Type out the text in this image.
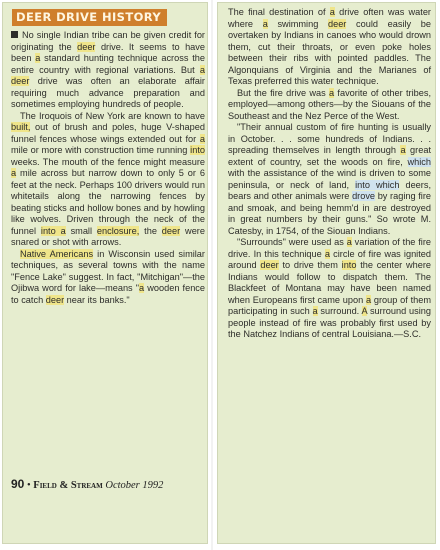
DEER DRIVE HISTORY

No single Indian tribe can be given credit for originating the deer drive. It seems to have been a standard hunting technique across the entire country with regional variations. But a deer drive was often an elaborate affair requiring much advance preparation and sometimes employing hundreds of people.

The Iroquois of New York are known to have built, out of brush and poles, huge V-shaped funnel fences whose wings extended out for a mile or more with construction time running into weeks. The mouth of the fence might measure a mile across but narrow down to only 5 or 6 feet at the neck. Perhaps 100 drivers would run whitetails along the narrowing fences by beating sticks and hollow bones and by howling like wolves. Driven through the neck of the funnel into a small enclosure, the deer were snared or shot with arrows.

Native Americans in Wisconsin used similar techniques, as several towns with the name "Fence Lake" suggest. In fact, "Mitchigan"—the Ojibwa word for lake—means "a wooden fence to catch deer near its banks."

The final destination of a drive often was water where a swimming deer could easily be overtaken by Indians in canoes who would drown them, cut their throats, or even poke holes between their ribs with pointed paddles. The Algonquians of Virginia and the Marianes of Texas preferred this water technique.

But the fire drive was a favorite of other tribes, employed—among others—by the Siouans of the Southeast and the Nez Perce of the West.

"Their annual custom of fire hunting is usually in October. . . some hundreds of Indians. . . spreading themselves in length through a great extent of country, set the woods on fire, which with the assistance of the wind is driven to some peninsula, or neck of land, into which deers, bears and other animals were drove by raging fire and smoak, and being hemm'd in are destroyed in great numbers by their guns." So wrote M. Catesby, in 1754, of the Siouan Indians.

"Surrounds" were used as a variation of the fire drive. In this technique a circle of fire was ignited around deer to drive them into the center where Indians would follow to dispatch them. The Blackfeet of Montana may have been named when Europeans first came upon a group of them participating in such a surround. A surround using people instead of fire was probably first used by the Natchez Indians of central Louisiana.—S.C.

90 • Field & Stream October 1992
